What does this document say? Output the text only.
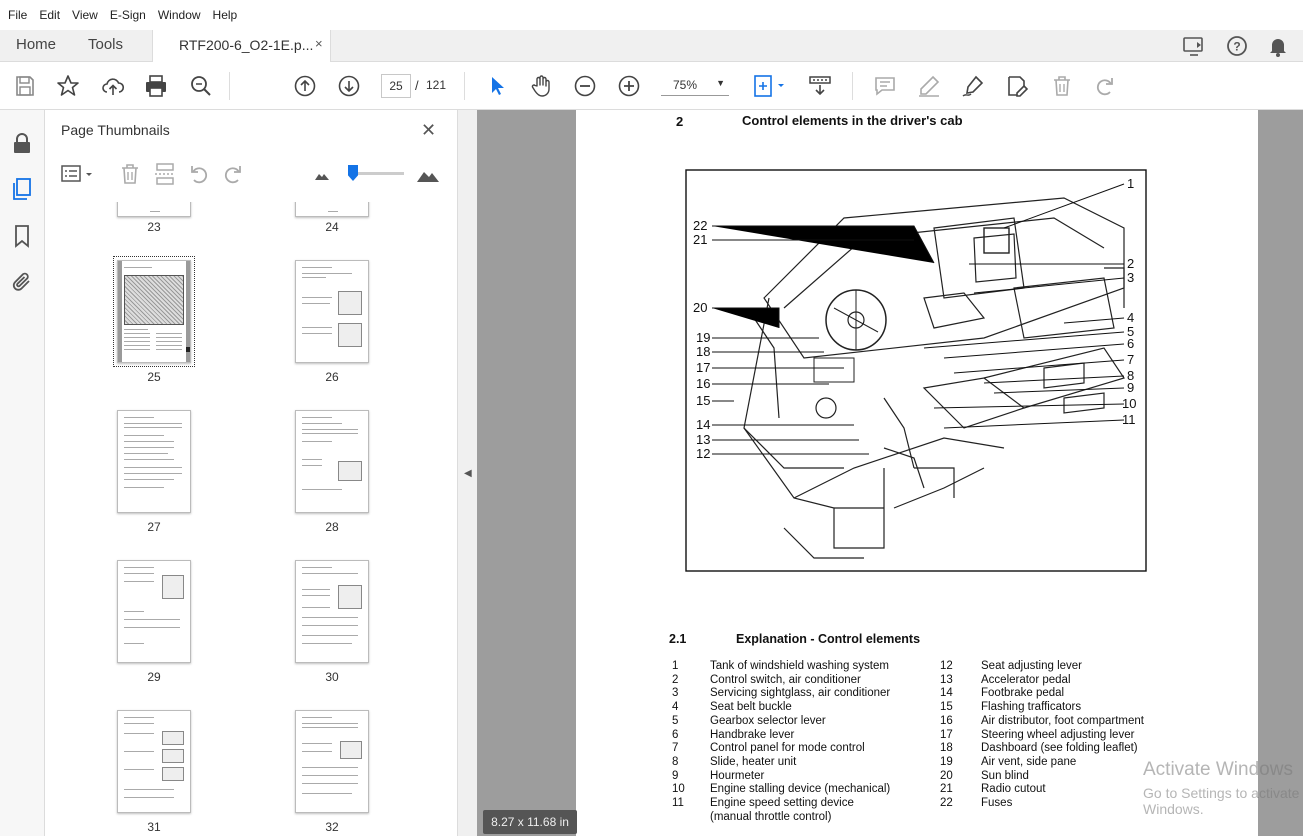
File	Edit	View	E-Sign	Window	Help
Home Tools	RTF200-6_O2-1E.p... ×	?
25 / 121	75% ▼
Page Thumbnails	✕
23	24
25	26
27	28
29	30
31	32
◀
2	Control elements in the driver's cab
22
21
20
19
18
17
16
15
14
13
12
1
2
3
4
5
6
7
8
9
10
11
2.1	Explanation - Control elements
1	Tank of windshield washing system
2	Control switch, air conditioner
3	Servicing sightglass, air conditioner
4	Seat belt buckle
5	Gearbox selector lever
6	Handbrake lever
7	Control panel for mode control
8	Slide, heater unit
9	Hourmeter
10 Engine stalling device (mechanical)
11 Engine speed setting device
(manual throttle control)
12 Seat adjusting lever
13 Accelerator pedal
14 Footbrake pedal
15 Flashing trafficators
16 Air distributor, foot compartment
17 Steering wheel adjusting lever
18 Dashboard (see folding leaflet)
19 Air vent, side pane
20 Sun blind
21 Radio cutout
22 Fuses
8.27 x 11.68 in
Activate Windows
Go to Settings to activate Windows.
